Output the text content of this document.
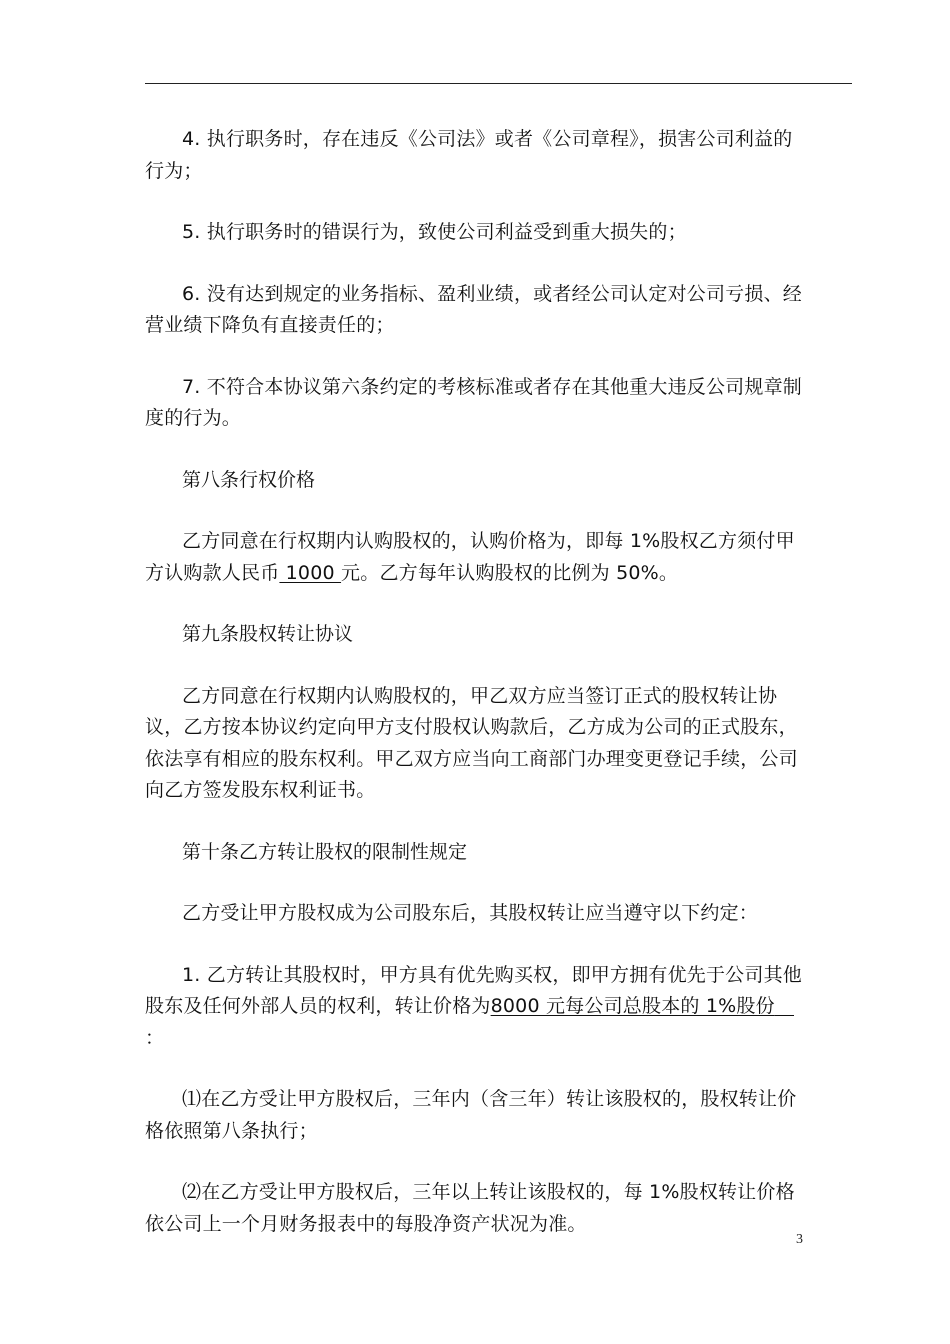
4. 执行职务时，存在违反《公司法》或者《公司章程》，损害公司利益的行为；

5. 执行职务时的错误行为，致使公司利益受到重大损失的；

6. 没有达到规定的业务指标、盈利业绩，或者经公司认定对公司亏损、经营业绩下降负有直接责任的；

7. 不符合本协议第六条约定的考核标准或者存在其他重大违反公司规章制度的行为。

第八条行权价格

乙方同意在行权期内认购股权的，认购价格为，即每 1%股权乙方须付甲方认购款人民币 1000 元。乙方每年认购股权的比例为 50%。

第九条股权转让协议

乙方同意在行权期内认购股权的，甲乙双方应当签订正式的股权转让协议，乙方按本协议约定向甲方支付股权认购款后，乙方成为公司的正式股东，依法享有相应的股东权利。甲乙双方应当向工商部门办理变更登记手续，公司向乙方签发股东权利证书。

第十条乙方转让股权的限制性规定

乙方受让甲方股权成为公司股东后，其股权转让应当遵守以下约定：

1. 乙方转让其股权时，甲方具有优先购买权，即甲方拥有优先于公司其他股东及任何外部人员的权利，转让价格为8000 元每公司总股本的 1%股份　：

⑴在乙方受让甲方股权后，三年内（含三年）转让该股权的，股权转让价格依照第八条执行；

⑵在乙方受让甲方股权后，三年以上转让该股权的，每 1%股权转让价格依公司上一个月财务报表中的每股净资产状况为准。

3
